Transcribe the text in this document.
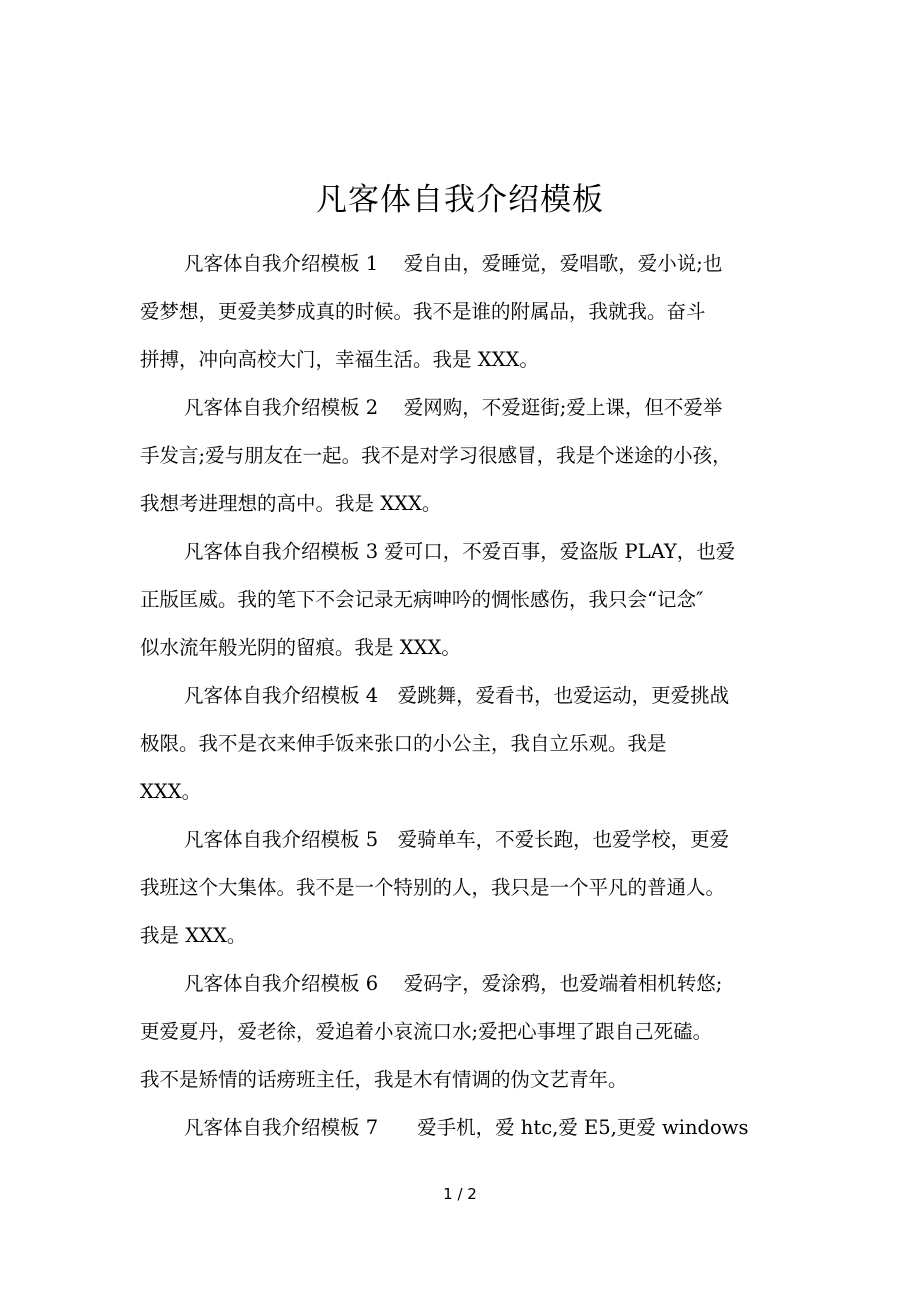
凡客体自我介绍模板

凡客体自我介绍模板 1　 爱自由，爱睡觉，爱唱歌，爱小说;也
爱梦想，更爱美梦成真的时候。我不是谁的附属品，我就我。奋斗
拼搏，冲向高校大门，幸福生活。我是 XXX。

凡客体自我介绍模板 2　 爱网购，不爱逛街;爱上课，但不爱举
手发言;爱与朋友在一起。我不是对学习很感冒，我是个迷途的小孩，
我想考进理想的高中。我是 XXX。

凡客体自我介绍模板 3 爱可口，不爱百事，爱盗版 PLAY，也爱
正版匡威。我的笔下不会记录无病呻吟的惆怅感伤，我只会“记念″
似水流年般光阴的留痕。我是 XXX。

凡客体自我介绍模板 4　爱跳舞，爱看书，也爱运动，更爱挑战
极限。我不是衣来伸手饭来张口的小公主，我自立乐观。我是
XXX。

凡客体自我介绍模板 5　爱骑单车，不爱长跑，也爱学校，更爱
我班这个大集体。我不是一个特别的人，我只是一个平凡的普通人。
我是 XXX。

凡客体自我介绍模板 6　 爱码字，爱涂鸦，也爱端着相机转悠;
更爱夏丹，爱老徐，爱追着小哀流口水;爱把心事埋了跟自己死磕。
我不是矫情的话痨班主任，我是木有情调的伪文艺青年。

凡客体自我介绍模板 7　　爱手机，爱 htc,爱 E5,更爱 windows

1 / 2
